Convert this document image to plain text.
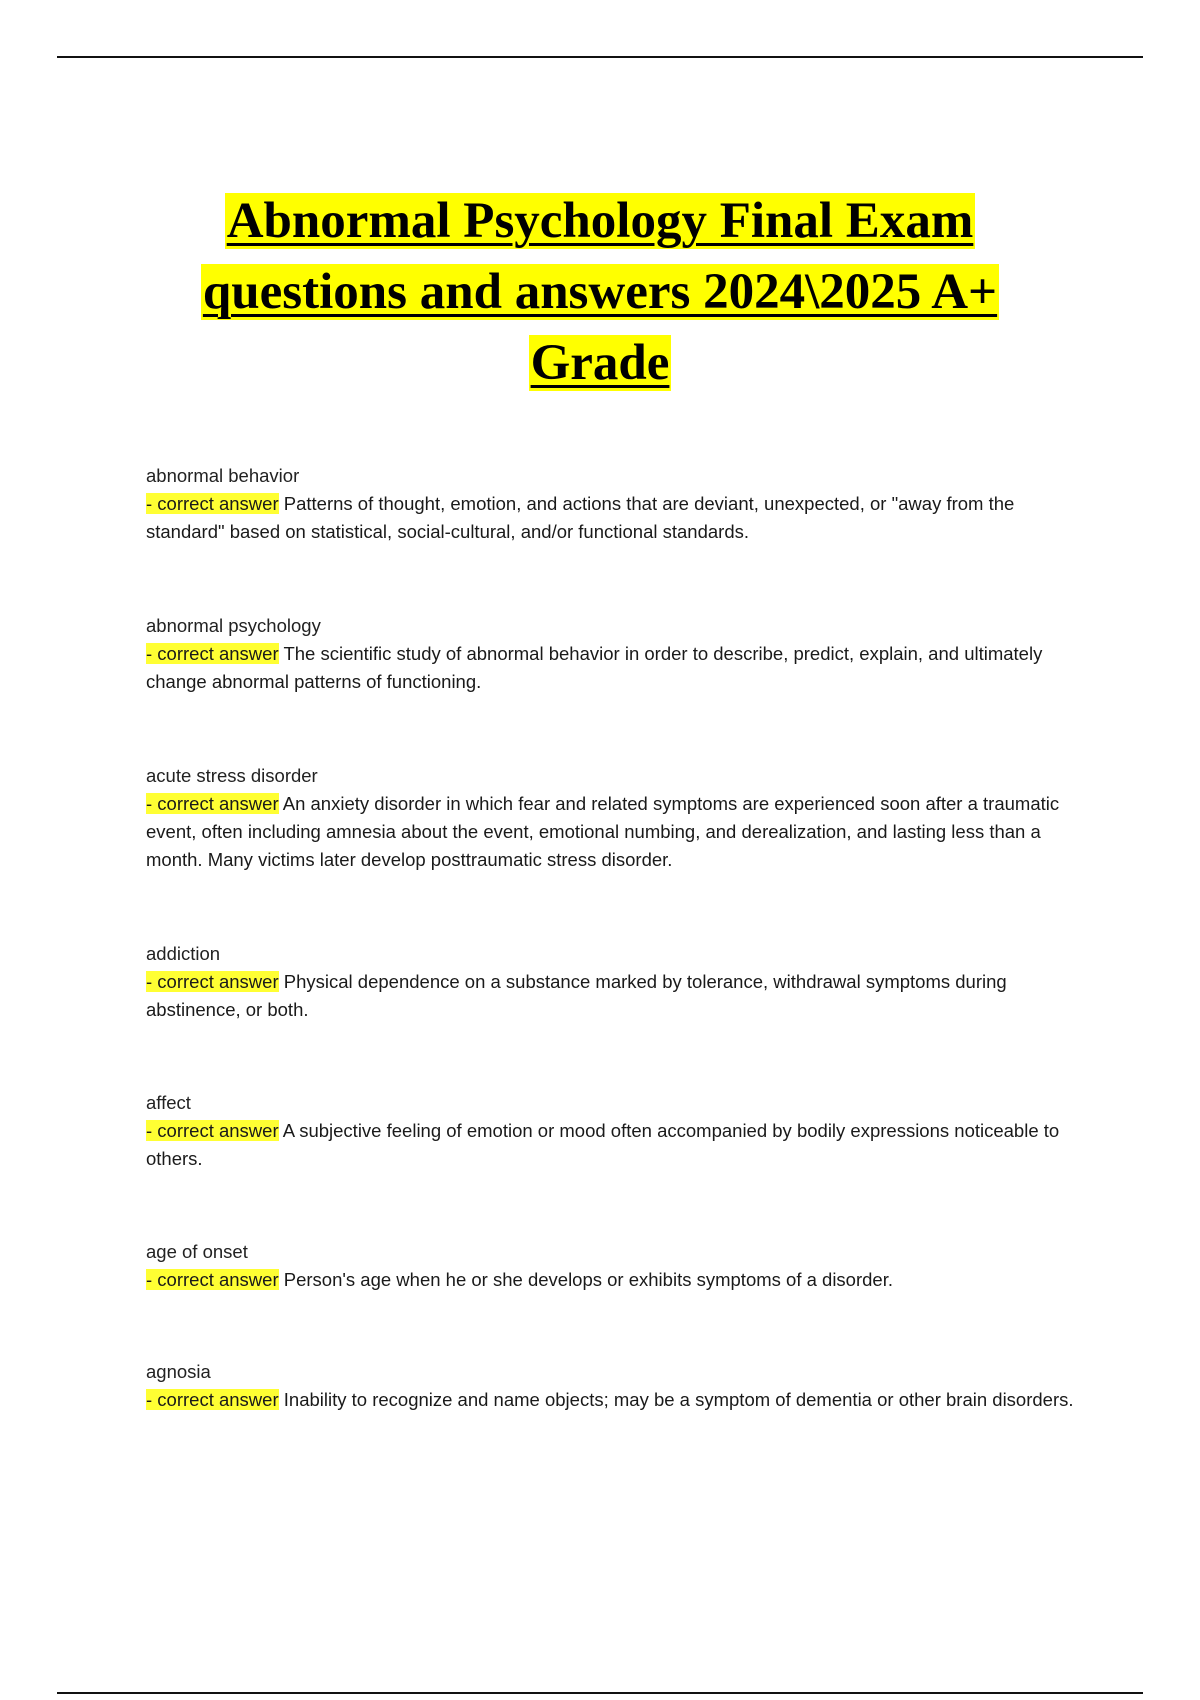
Abnormal Psychology Final Exam
questions and answers 2024\2025 A+
Grade
abnormal behavior
- correct answer Patterns of thought, emotion, and actions that are deviant, unexpected, or "away from the standard" based on statistical, social-cultural, and/or functional standards.
abnormal psychology
- correct answer The scientific study of abnormal behavior in order to describe, predict, explain, and ultimately change abnormal patterns of functioning.
acute stress disorder
- correct answer An anxiety disorder in which fear and related symptoms are experienced soon after a traumatic event, often including amnesia about the event, emotional numbing, and derealization, and lasting less than a month. Many victims later develop posttraumatic stress disorder.
addiction
- correct answer Physical dependence on a substance marked by tolerance, withdrawal symptoms during abstinence, or both.
affect
- correct answer A subjective feeling of emotion or mood often accompanied by bodily expressions noticeable to others.
age of onset
- correct answer Person's age when he or she develops or exhibits symptoms of a disorder.
agnosia
- correct answer Inability to recognize and name objects; may be a symptom of dementia or other brain disorders.
